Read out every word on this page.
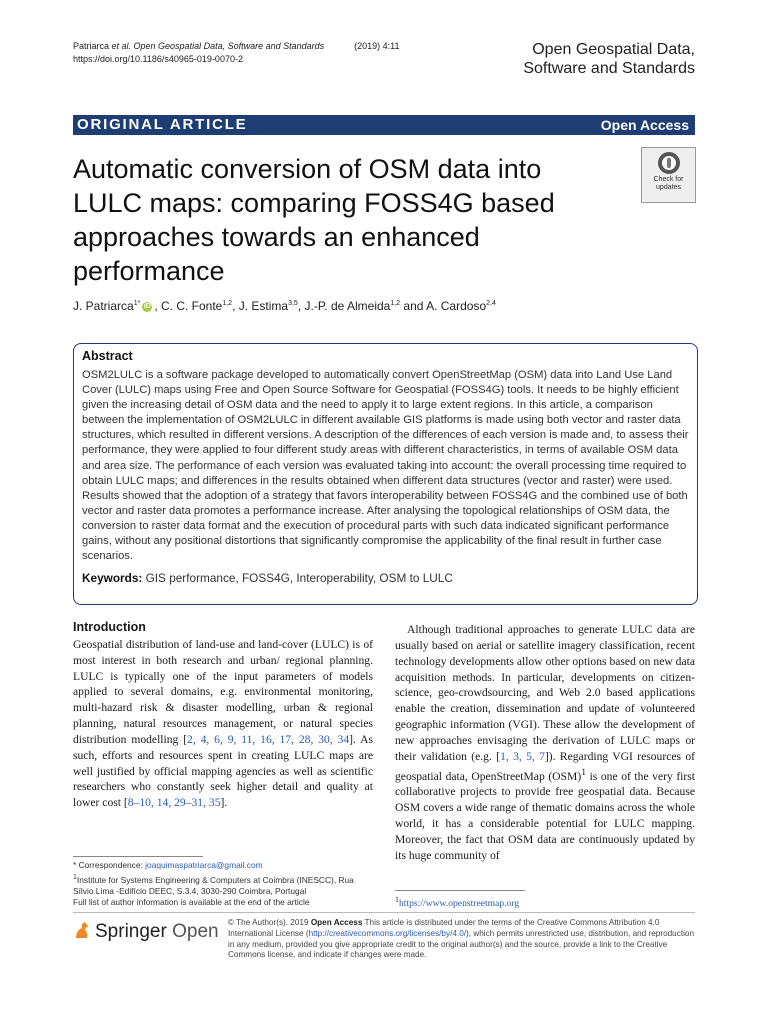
Patriarca et al. Open Geospatial Data, Software and Standards	(2019) 4:11
https://doi.org/10.1186/s40965-019-0070-2
Open Geospatial Data,
Software and Standards
ORIGINAL ARTICLE	Open Access
Automatic conversion of OSM data into LULC maps: comparing FOSS4G based approaches towards an enhanced performance
Check for
updates
J. Patriarca$^{1*}$ iD , C. C. Fonte$^{1,2}$, J. Estima$^{3,5}$, J.-P. de Almeida$^{1,2}$ and A. Cardoso$^{2,4}$
Abstract
OSM2LULC is a software package developed to automatically convert OpenStreetMap (OSM) data into Land Use Land Cover (LULC) maps using Free and Open Source Software for Geospatial (FOSS4G) tools. It needs to be highly efficient given the increasing detail of OSM data and the need to apply it to large extent regions. In this article, a comparison between the implementation of OSM2LULC in different available GIS platforms is made using both vector and raster data structures, which resulted in different versions. A description of the differences of each version is made and, to assess their performance, they were applied to four different study areas with different characteristics, in terms of available OSM data and area size. The performance of each version was evaluated taking into account: the overall processing time required to obtain LULC maps; and differences in the results obtained when different data structures (vector and raster) were used. Results showed that the adoption of a strategy that favors interoperability between FOSS4G and the combined use of both vector and raster data promotes a performance increase. After analysing the topological relationships of OSM data, the conversion to raster data format and the execution of procedural parts with such data indicated significant performance gains, without any positional distortions that significantly compromise the applicability of the final result in further case scenarios.
Keywords: GIS performance, FOSS4G, Interoperability, OSM to LULC
Introduction
Geospatial distribution of land-use and land-cover (LULC) is of most interest in both research and urban/ regional planning. LULC is typically one of the input parameters of models applied to several domains, e.g. environmental monitoring, multi-hazard risk & disaster modelling, urban & regional planning, natural resources management, or natural species distribution modelling [2, 4, 6, 9, 11, 16, 17, 28, 30, 34]. As such, efforts and resources spent in creating LULC maps are well justified by official mapping agencies as well as scientific researchers who constantly seek higher detail and quality at lower cost [8–10, 14, 29–31, 35].
Although traditional approaches to generate LULC data are usually based on aerial or satellite imagery classification, recent technology developments allow other options based on new data acquisition methods. In particular, developments on citizen-science, geo-crowdsourcing, and Web 2.0 based applications enable the creation, dissemination and update of volunteered geographic information (VGI). These allow the development of new approaches envisaging the derivation of LULC maps or their validation (e.g. [1, 3, 5, 7]). Regarding VGI resources of geospatial data, OpenStreetMap (OSM)$^1$ is one of the very first collaborative projects to provide free geospatial data. Because OSM covers a wide range of thematic domains across the whole world, it has a considerable potential for LULC mapping. Moreover, the fact that OSM data are continuously updated by its huge community of
* Correspondence: joaquimaspatriarca@gmail.com
$^1$Institute for Systems Engineering & Computers at Coimbra (INESCC), Rua Sílvio Lima -Edifício DEEC, S.3.4, 3030-290 Coimbra, Portugal
Full list of author information is available at the end of the article	$^1$https://www.openstreetmap.org
Springer Open © The Author(s). 2019 Open Access This article is distributed under the terms of the Creative Commons Attribution 4.0 International License (http://creativecommons.org/licenses/by/4.0/), which permits unrestricted use, distribution, and reproduction in any medium, provided you give appropriate credit to the original author(s) and the source, provide a link to the Creative Commons license, and indicate if changes were made.
